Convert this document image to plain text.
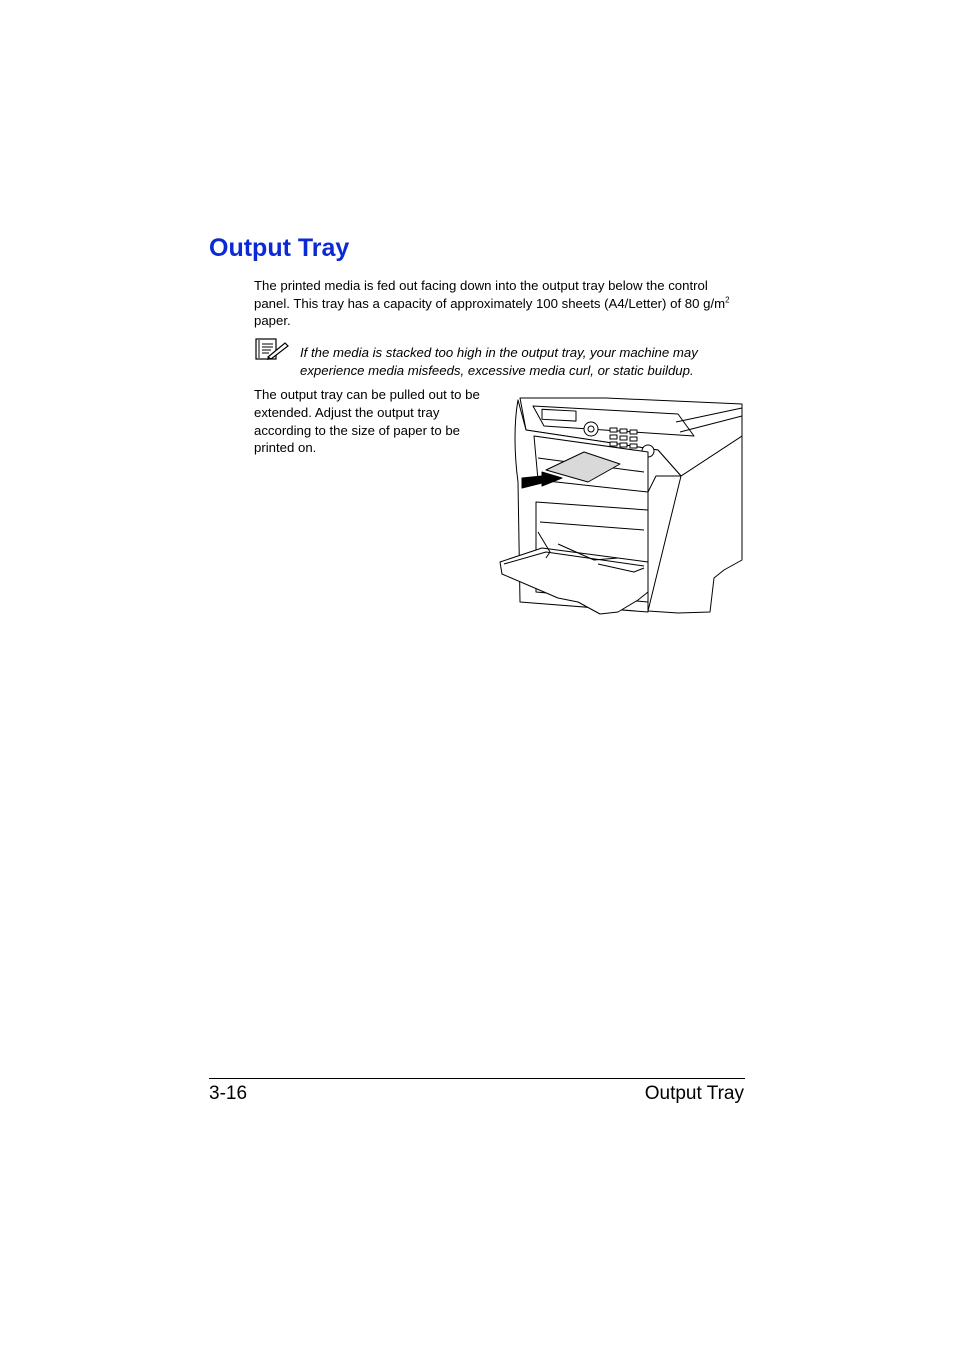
Output Tray

The printed media is fed out facing down into the output tray below the control panel. This tray has a capacity of approximately 100 sheets (A4/Letter) of 80 $g/m^2$ paper.

If the media is stacked too high in the output tray, your machine may experience media misfeeds, excessive media curl, or static buildup.

The output tray can be pulled out to be extended. Adjust the output tray according to the size of paper to be printed on.

3-16	Output Tray
